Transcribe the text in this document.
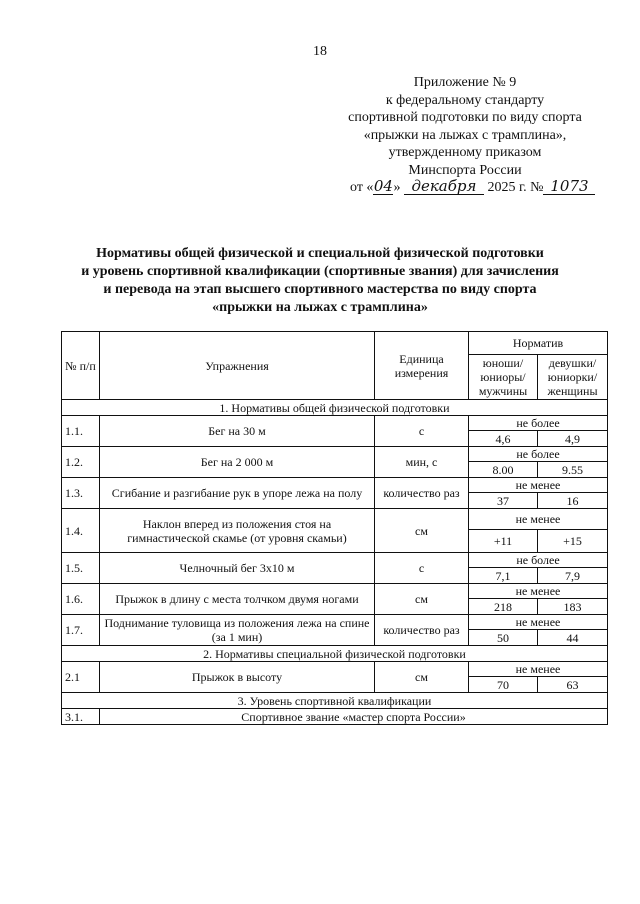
18
Приложение № 9
к федеральному стандарту
спортивной подготовки по виду спорта
«прыжки на лыжах с трамплина»,
утвержденному приказом
Минспорта России
от «04» декабря 2025 г. № 1073
Нормативы общей физической и специальной физической подготовки
и уровень спортивной квалификации (спортивные звания) для зачисления
и перевода на этап высшего спортивного мастерства по виду спорта
«прыжки на лыжах с трамплина»
№ п/п	Упражнения	Единица измерения	Норматив	
			юноши/ юниоры/ мужчины	девушки/ юниорки/ женщины
1. Нормативы общей физической подготовки				
1.1.	Бег на 30 м	с	не более	
			4,6	4,9
1.2.	Бег на 2 000 м	мин, с	не более	
			8.00	9.55
1.3.	Сгибание и разгибание рук в упоре лежа на полу	количество раз	не менее	
			37	16
1.4.	Наклон вперед из положения стоя на гимнастической скамье (от уровня скамьи)	см	не менее	
			+11	+15
1.5.	Челночный бег 3х10 м	с	не более	
			7,1	7,9
1.6.	Прыжок в длину с места толчком двумя ногами	см	не менее	
			218	183
1.7.	Поднимание туловища из положения лежа на спине (за 1 мин)	количество раз	не менее	
			50	44
2. Нормативы специальной физической подготовки				
2.1	Прыжок в высоту	см	не менее	
			70	63
3. Уровень спортивной квалификации				
3.1.	Спортивное звание «мастер спорта России»			
